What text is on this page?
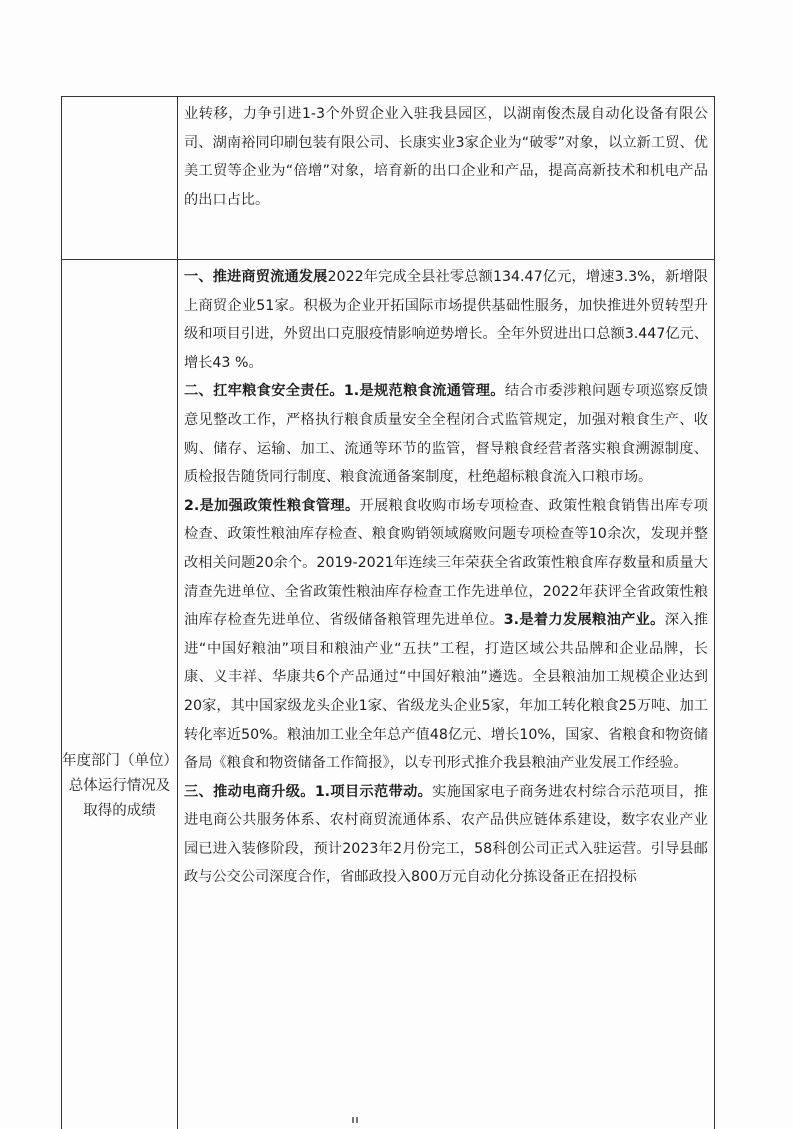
业转移，力争引进1-3个外贸企业入驻我县园区，以湖南俊杰晟自动化设备有限公司、湖南裕同印刷包装有限公司、长康实业3家企业为“破零”对象，以立新工贸、优美工贸等企业为“倍增”对象，培育新的出口企业和产品，提高高新技术和机电产品的出口占比。

年度部门（单位）
总体运行情况及
取得的成绩

一、推进商贸流通发展2022年完成全县社零总额134.47亿元，增速3.3%，新增限上商贸企业51家。积极为企业开拓国际市场提供基础性服务，加快推进外贸转型升级和项目引进，外贸出口克服疫情影响逆势增长。全年外贸进出口总额3.447亿元、增长43 %。

二、扛牢粮食安全责任。1.是规范粮食流通管理。结合市委涉粮问题专项巡察反馈意见整改工作，严格执行粮食质量安全全程闭合式监管规定，加强对粮食生产、收购、储存、运输、加工、流通等环节的监管，督导粮食经营者落实粮食溯源制度、质检报告随货同行制度、粮食流通备案制度，杜绝超标粮食流入口粮市场。

2.是加强政策性粮食管理。开展粮食收购市场专项检查、政策性粮食销售出库专项检查、政策性粮油库存检查、粮食购销领域腐败问题专项检查等10余次，发现并整改相关问题20余个。2019-2021年连续三年荣获全省政策性粮食库存数量和质量大清查先进单位、全省政策性粮油库存检查工作先进单位，2022年获评全省政策性粮油库存检查先进单位、省级储备粮管理先进单位。3.是着力发展粮油产业。深入推进“中国好粮油”项目和粮油产业“五扶”工程，打造区域公共品牌和企业品牌，长康、义丰祥、华康共6个产品通过“中国好粮油”遴选。全县粮油加工规模企业达到20家，其中国家级龙头企业1家、省级龙头企业5家，年加工转化粮食25万吨、加工转化率近50%。粮油加工业全年总产值48亿元、增长10%，国家、省粮食和物资储备局《粮食和物资储备工作简报》，以专刊形式推介我县粮油产业发展工作经验。

三、推动电商升级。1.项目示范带动。实施国家电子商务进农村综合示范项目，推进电商公共服务体系、农村商贸流通体系、农产品供应链体系建设，数字农业产业园已进入装修阶段，预计2023年2月份完工，58科创公司正式入驻运营。引导县邮政与公交公司深度合作，省邮政投入800万元自动化分拣设备正在招投标
